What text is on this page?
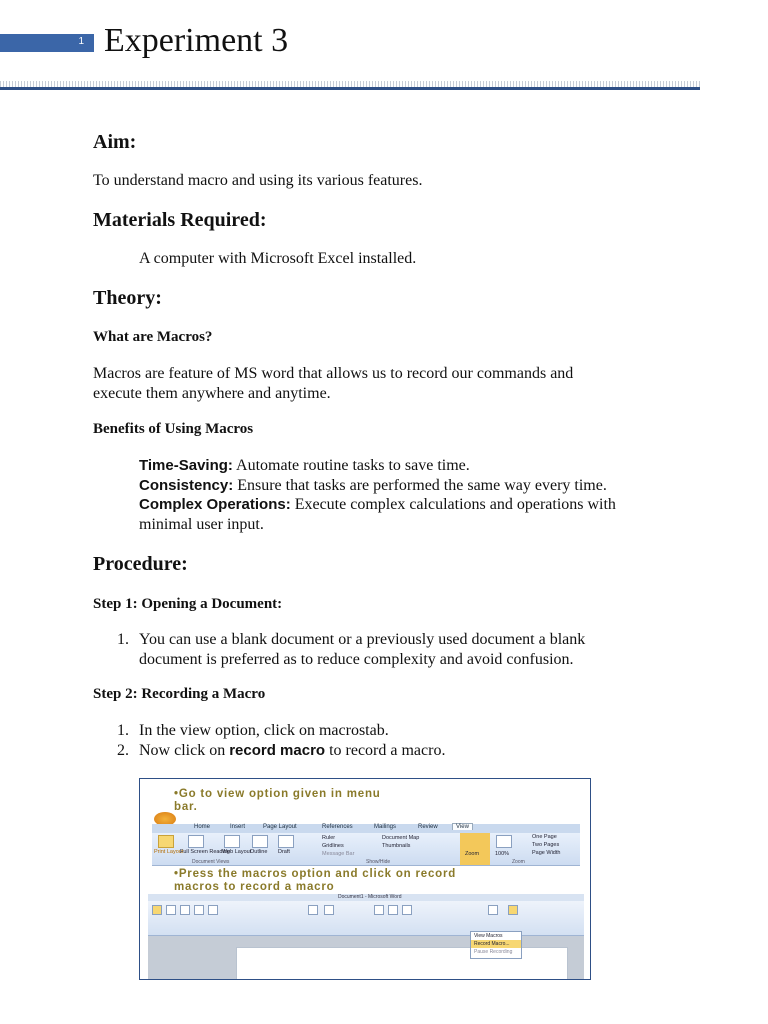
1 Experiment 3
Aim:
To understand macro and using its various features.
Materials Required:
A computer with Microsoft Excel installed.
Theory:
What are Macros?
Macros are feature of MS word that allows us to record our commands and
execute them anywhere and anytime.
Benefits of Using Macros
Time-Saving: Automate routine tasks to save time.
Consistency: Ensure that tasks are performed the same way every time.
Complex Operations: Execute complex calculations and operations with
minimal user input.
Procedure:
Step 1: Opening a Document:
1. You can use a blank document or a previously used document a blank
document is preferred as to reduce complexity and avoid confusion.
Step 2: Recording a Macro
1. In the view option, click on macrostab.
2. Now click on record macro to record a macro.
•Go to view option given in menu
bar.
Home	Insert	Page Layout	References	Mailings	Review	View
Print Layout
Full Screen Reading
Web Layout
Outline Draft
Document Views
Ruler
Gridlines
Message Bar
Document Map
Thumbnails
Show/Hide
Zoom	100%
One Page
Two Pages
Page Width
Zoom
•Press the macros option and click on record
macros to record a macro
Document1 - Microsoft Word
View Macros
Record Macro...
Pause Recording
